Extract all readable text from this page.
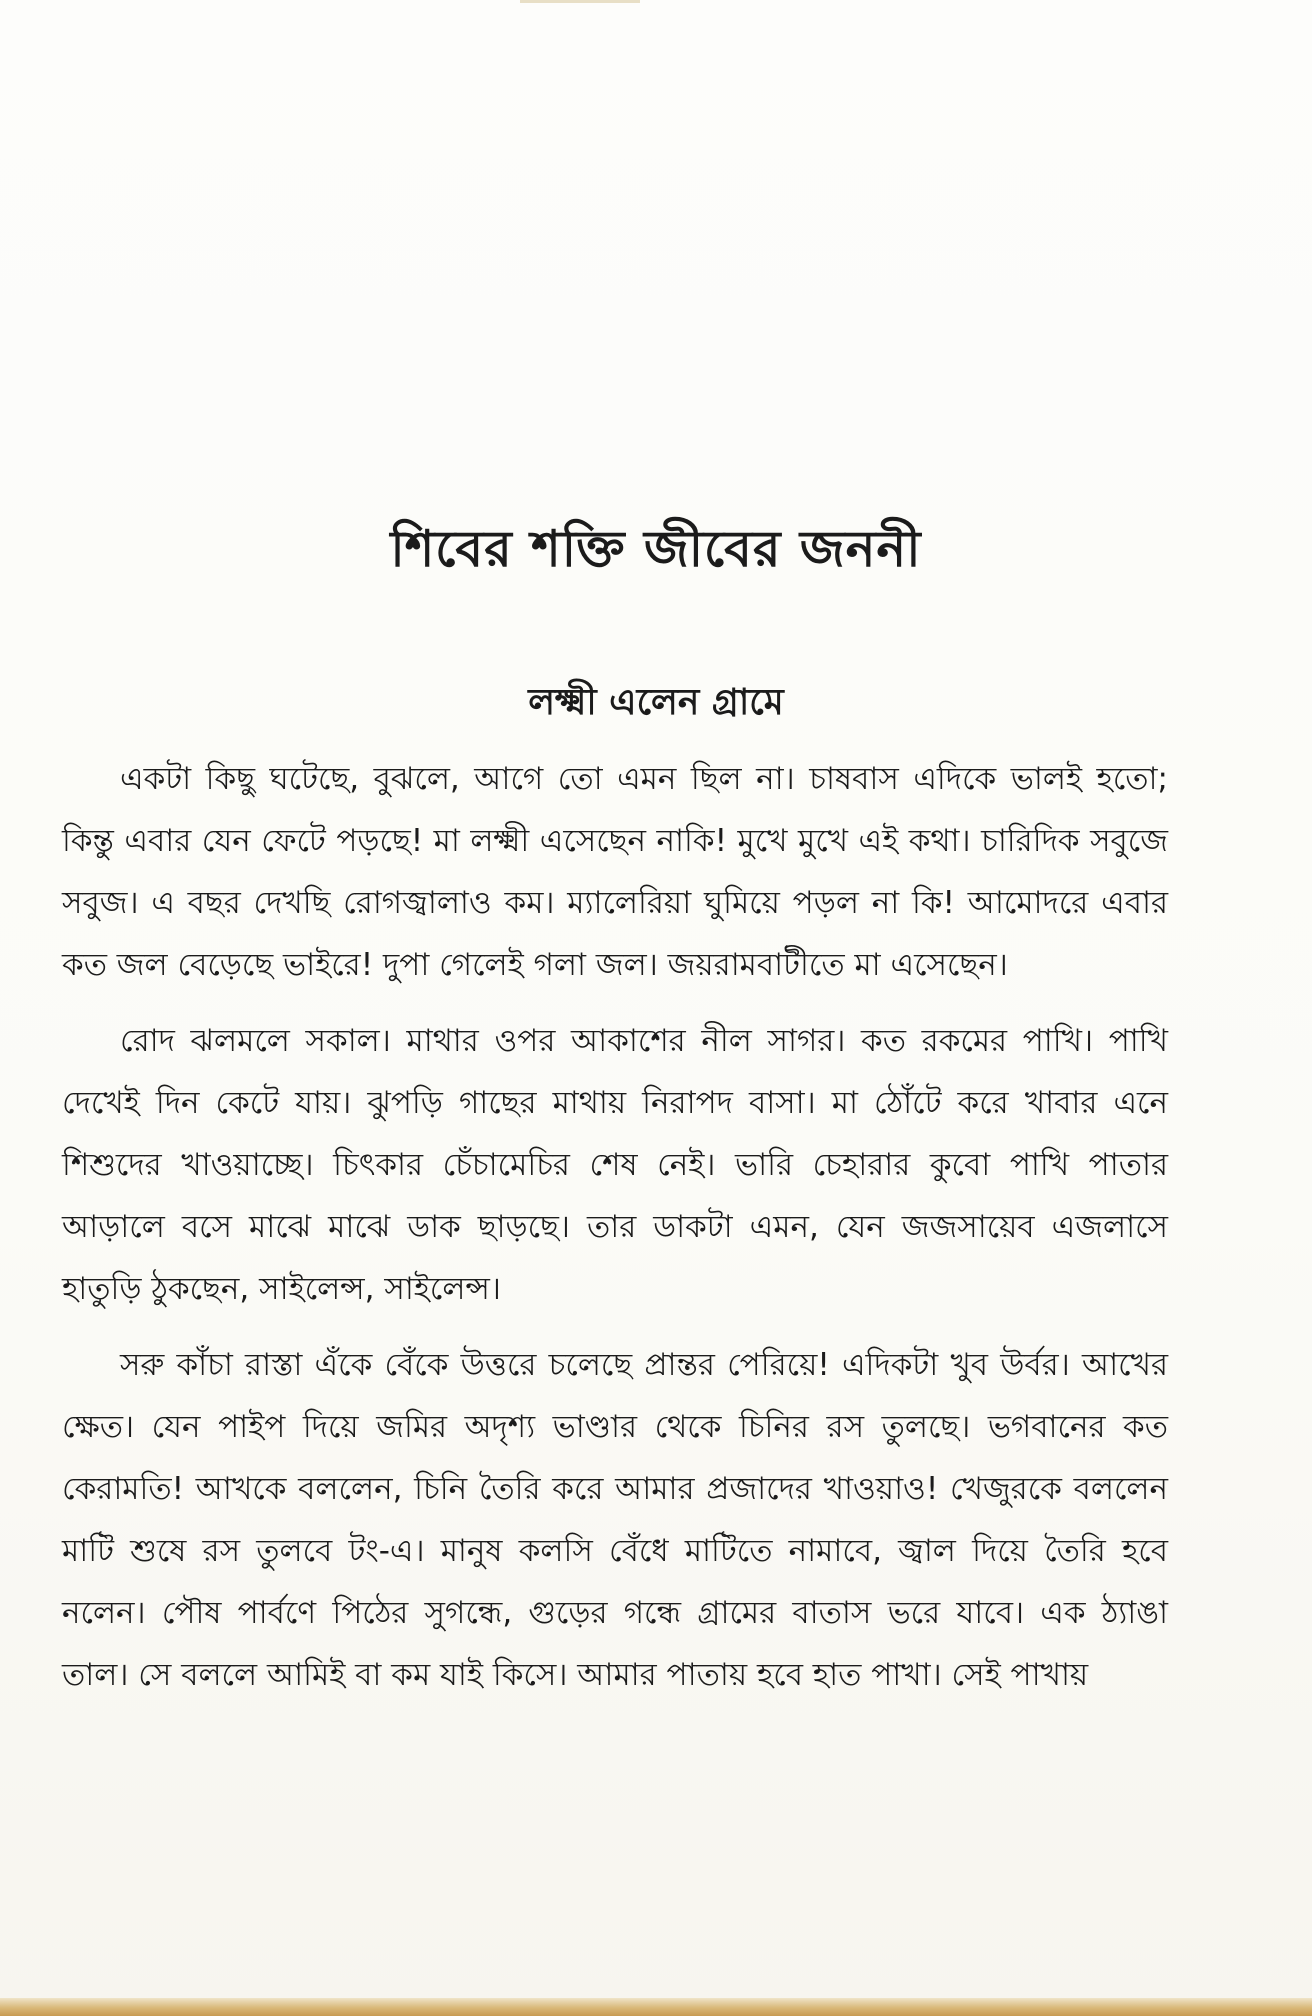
শিবের শক্তি জীবের জননী
লক্ষ্মী এলেন গ্রামে

একটা কিছু ঘটেছে, বুঝলে, আগে তো এমন ছিল না। চাষবাস এদিকে ভালই হতো; কিন্তু এবার যেন ফেটে পড়ছে! মা লক্ষ্মী এসেছেন নাকি! মুখে মুখে এই কথা। চারিদিক সবুজে সবুজ। এ বছর দেখছি রোগজ্বালাও কম। ম্যালেরিয়া ঘুমিয়ে পড়ল না কি! আমোদরে এবার কত জল বেড়েছে ভাইরে! দুপা গেলেই গলা জল। জয়রামবাটীতে মা এসেছেন।

রোদ ঝলমলে সকাল। মাথার ওপর আকাশের নীল সাগর। কত রকমের পাখি। পাখি দেখেই দিন কেটে যায়। ঝুপড়ি গাছের মাথায় নিরাপদ বাসা। মা ঠোঁটে করে খাবার এনে শিশুদের খাওয়াচ্ছে। চিৎকার চেঁচামেচির শেষ নেই। ভারি চেহারার কুবো পাখি পাতার আড়ালে বসে মাঝে মাঝে ডাক ছাড়ছে। তার ডাকটা এমন, যেন জজসায়েব এজলাসে হাতুড়ি ঠুকছেন, সাইলেন্স, সাইলেন্স।

সরু কাঁচা রাস্তা এঁকে বেঁকে উত্তরে চলেছে প্রান্তর পেরিয়ে! এদিকটা খুব উর্বর। আখের ক্ষেত। যেন পাইপ দিয়ে জমির অদৃশ্য ভাণ্ডার থেকে চিনির রস তুলছে। ভগবানের কত কেরামতি! আখকে বললেন, চিনি তৈরি করে আমার প্রজাদের খাওয়াও! খেজুরকে বললেন মাটি শুষে রস তুলবে টং-এ। মানুষ কলসি বেঁধে মাটিতে নামাবে, জ্বাল দিয়ে তৈরি হবে নলেন। পৌষ পার্বণে পিঠের সুগন্ধে, গুড়ের গন্ধে গ্রামের বাতাস ভরে যাবে। এক ঠ্যাঙা তাল। সে বললে আমিই বা কম যাই কিসে। আমার পাতায় হবে হাত পাখা। সেই পাখায়
